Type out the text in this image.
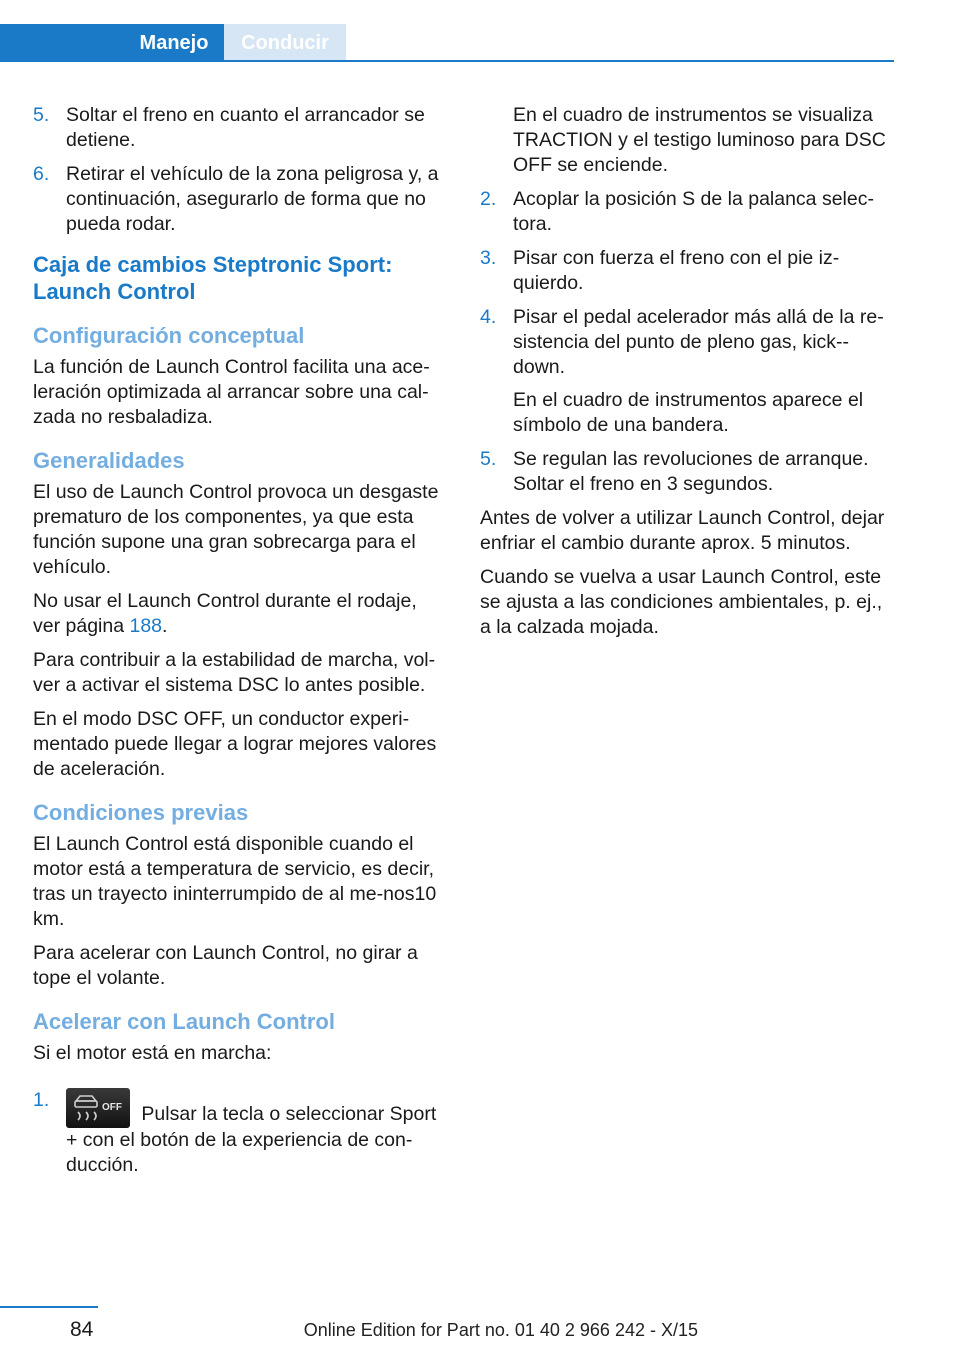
Manejo	Conducir
5. Soltar el freno en cuanto el arrancador se detiene.
6. Retirar el vehículo de la zona peligrosa y, a continuación, asegurarlo de forma que no pueda rodar.
Caja de cambios Steptronic Sport: Launch Control
Configuración conceptual

La función de Launch Control facilita una ace‐leración optimizada al arrancar sobre una cal‐zada no resbaladiza.

Generalidades

El uso de Launch Control provoca un desgaste prematuro de los componentes, ya que esta función supone una gran sobrecarga para el vehículo.

No usar el Launch Control durante el rodaje, ver página 188.

Para contribuir a la estabilidad de marcha, vol‐ver a activar el sistema DSC lo antes posible.

En el modo DSC OFF, un conductor experi‐mentado puede llegar a lograr mejores valores de aceleración.

Condiciones previas

El Launch Control está disponible cuando el motor está a temperatura de servicio, es decir, tras un trayecto ininterrumpido de al me‐nos10 km.

Para acelerar con Launch Control, no girar a tope el volante.

Acelerar con Launch Control

Si el motor está en marcha:

1.	OFF Pulsar la tecla o seleccionar Sport + con el botón de la experiencia de con‐ducción.
En el cuadro de instrumentos se visualiza TRACTION y el testigo luminoso para DSC OFF se enciende.
2. Acoplar la posición S de la palanca selec‐tora.
3. Pisar con fuerza el freno con el pie iz‐quierdo.
4. Pisar el pedal acelerador más allá de la re‐sistencia del punto de pleno gas, kick‐-down.

En el cuadro de instrumentos aparece el símbolo de una bandera.

5. Se regulan las revoluciones de arranque. Soltar el freno en 3 segundos.

Antes de volver a utilizar Launch Control, dejar enfriar el cambio durante aprox. 5 minutos.

Cuando se vuelva a usar Launch Control, este se ajusta a las condiciones ambientales, p. ej., a la calzada mojada.

84	Online Edition for Part no. 01 40 2 966 242 - X/15
